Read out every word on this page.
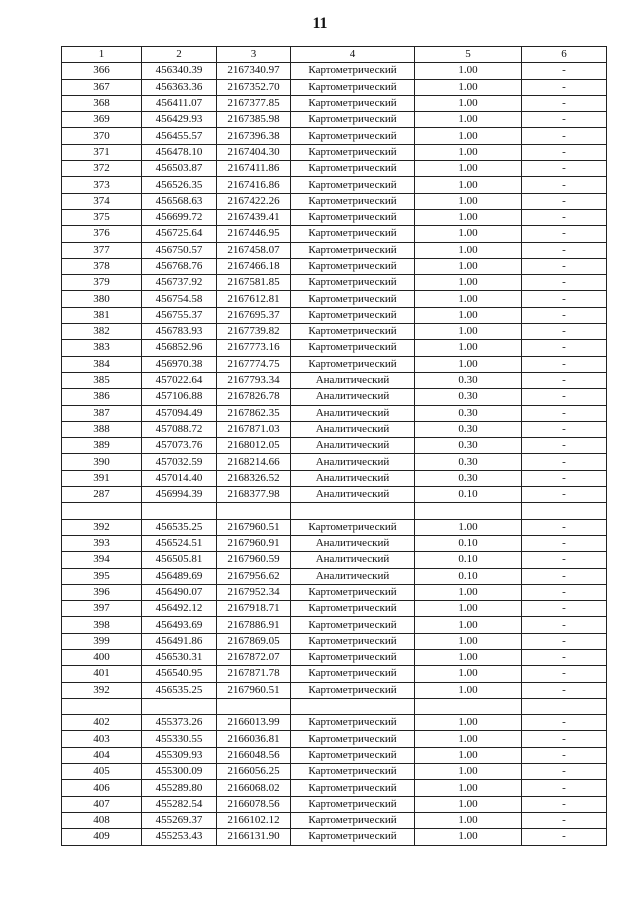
11
1	2	3	4	5	6
366	456340.39	2167340.97	Картометрический	1.00	-
367	456363.36	2167352.70	Картометрический	1.00	-
368	456411.07	2167377.85	Картометрический	1.00	-
369	456429.93	2167385.98	Картометрический	1.00	-
370	456455.57	2167396.38	Картометрический	1.00	-
371	456478.10	2167404.30	Картометрический	1.00	-
372	456503.87	2167411.86	Картометрический	1.00	-
373	456526.35	2167416.86	Картометрический	1.00	-
374	456568.63	2167422.26	Картометрический	1.00	-
375	456699.72	2167439.41	Картометрический	1.00	-
376	456725.64	2167446.95	Картометрический	1.00	-
377	456750.57	2167458.07	Картометрический	1.00	-
378	456768.76	2167466.18	Картометрический	1.00	-
379	456737.92	2167581.85	Картометрический	1.00	-
380	456754.58	2167612.81	Картометрический	1.00	-
381	456755.37	2167695.37	Картометрический	1.00	-
382	456783.93	2167739.82	Картометрический	1.00	-
383	456852.96	2167773.16	Картометрический	1.00	-
384	456970.38	2167774.75	Картометрический	1.00	-
385	457022.64	2167793.34	Аналитический	0.30	-
386	457106.88	2167826.78	Аналитический	0.30	-
387	457094.49	2167862.35	Аналитический	0.30	-
388	457088.72	2167871.03	Аналитический	0.30	-
389	457073.76	2168012.05	Аналитический	0.30	-
390	457032.59	2168214.66	Аналитический	0.30	-
391	457014.40	2168326.52	Аналитический	0.30	-
287	456994.39	2168377.98	Аналитический	0.10	-

392	456535.25	2167960.51	Картометрический	1.00	-
393	456524.51	2167960.91	Аналитический	0.10	-
394	456505.81	2167960.59	Аналитический	0.10	-
395	456489.69	2167956.62	Аналитический	0.10	-
396	456490.07	2167952.34	Картометрический	1.00	-
397	456492.12	2167918.71	Картометрический	1.00	-
398	456493.69	2167886.91	Картометрический	1.00	-
399	456491.86	2167869.05	Картометрический	1.00	-
400	456530.31	2167872.07	Картометрический	1.00	-
401	456540.95	2167871.78	Картометрический	1.00	-
392	456535.25	2167960.51	Картометрический	1.00	-

402	455373.26	2166013.99	Картометрический	1.00	-
403	455330.55	2166036.81	Картометрический	1.00	-
404	455309.93	2166048.56	Картометрический	1.00	-
405	455300.09	2166056.25	Картометрический	1.00	-
406	455289.80	2166068.02	Картометрический	1.00	-
407	455282.54	2166078.56	Картометрический	1.00	-
408	455269.37	2166102.12	Картометрический	1.00	-
409	455253.43	2166131.90	Картометрический	1.00	-
